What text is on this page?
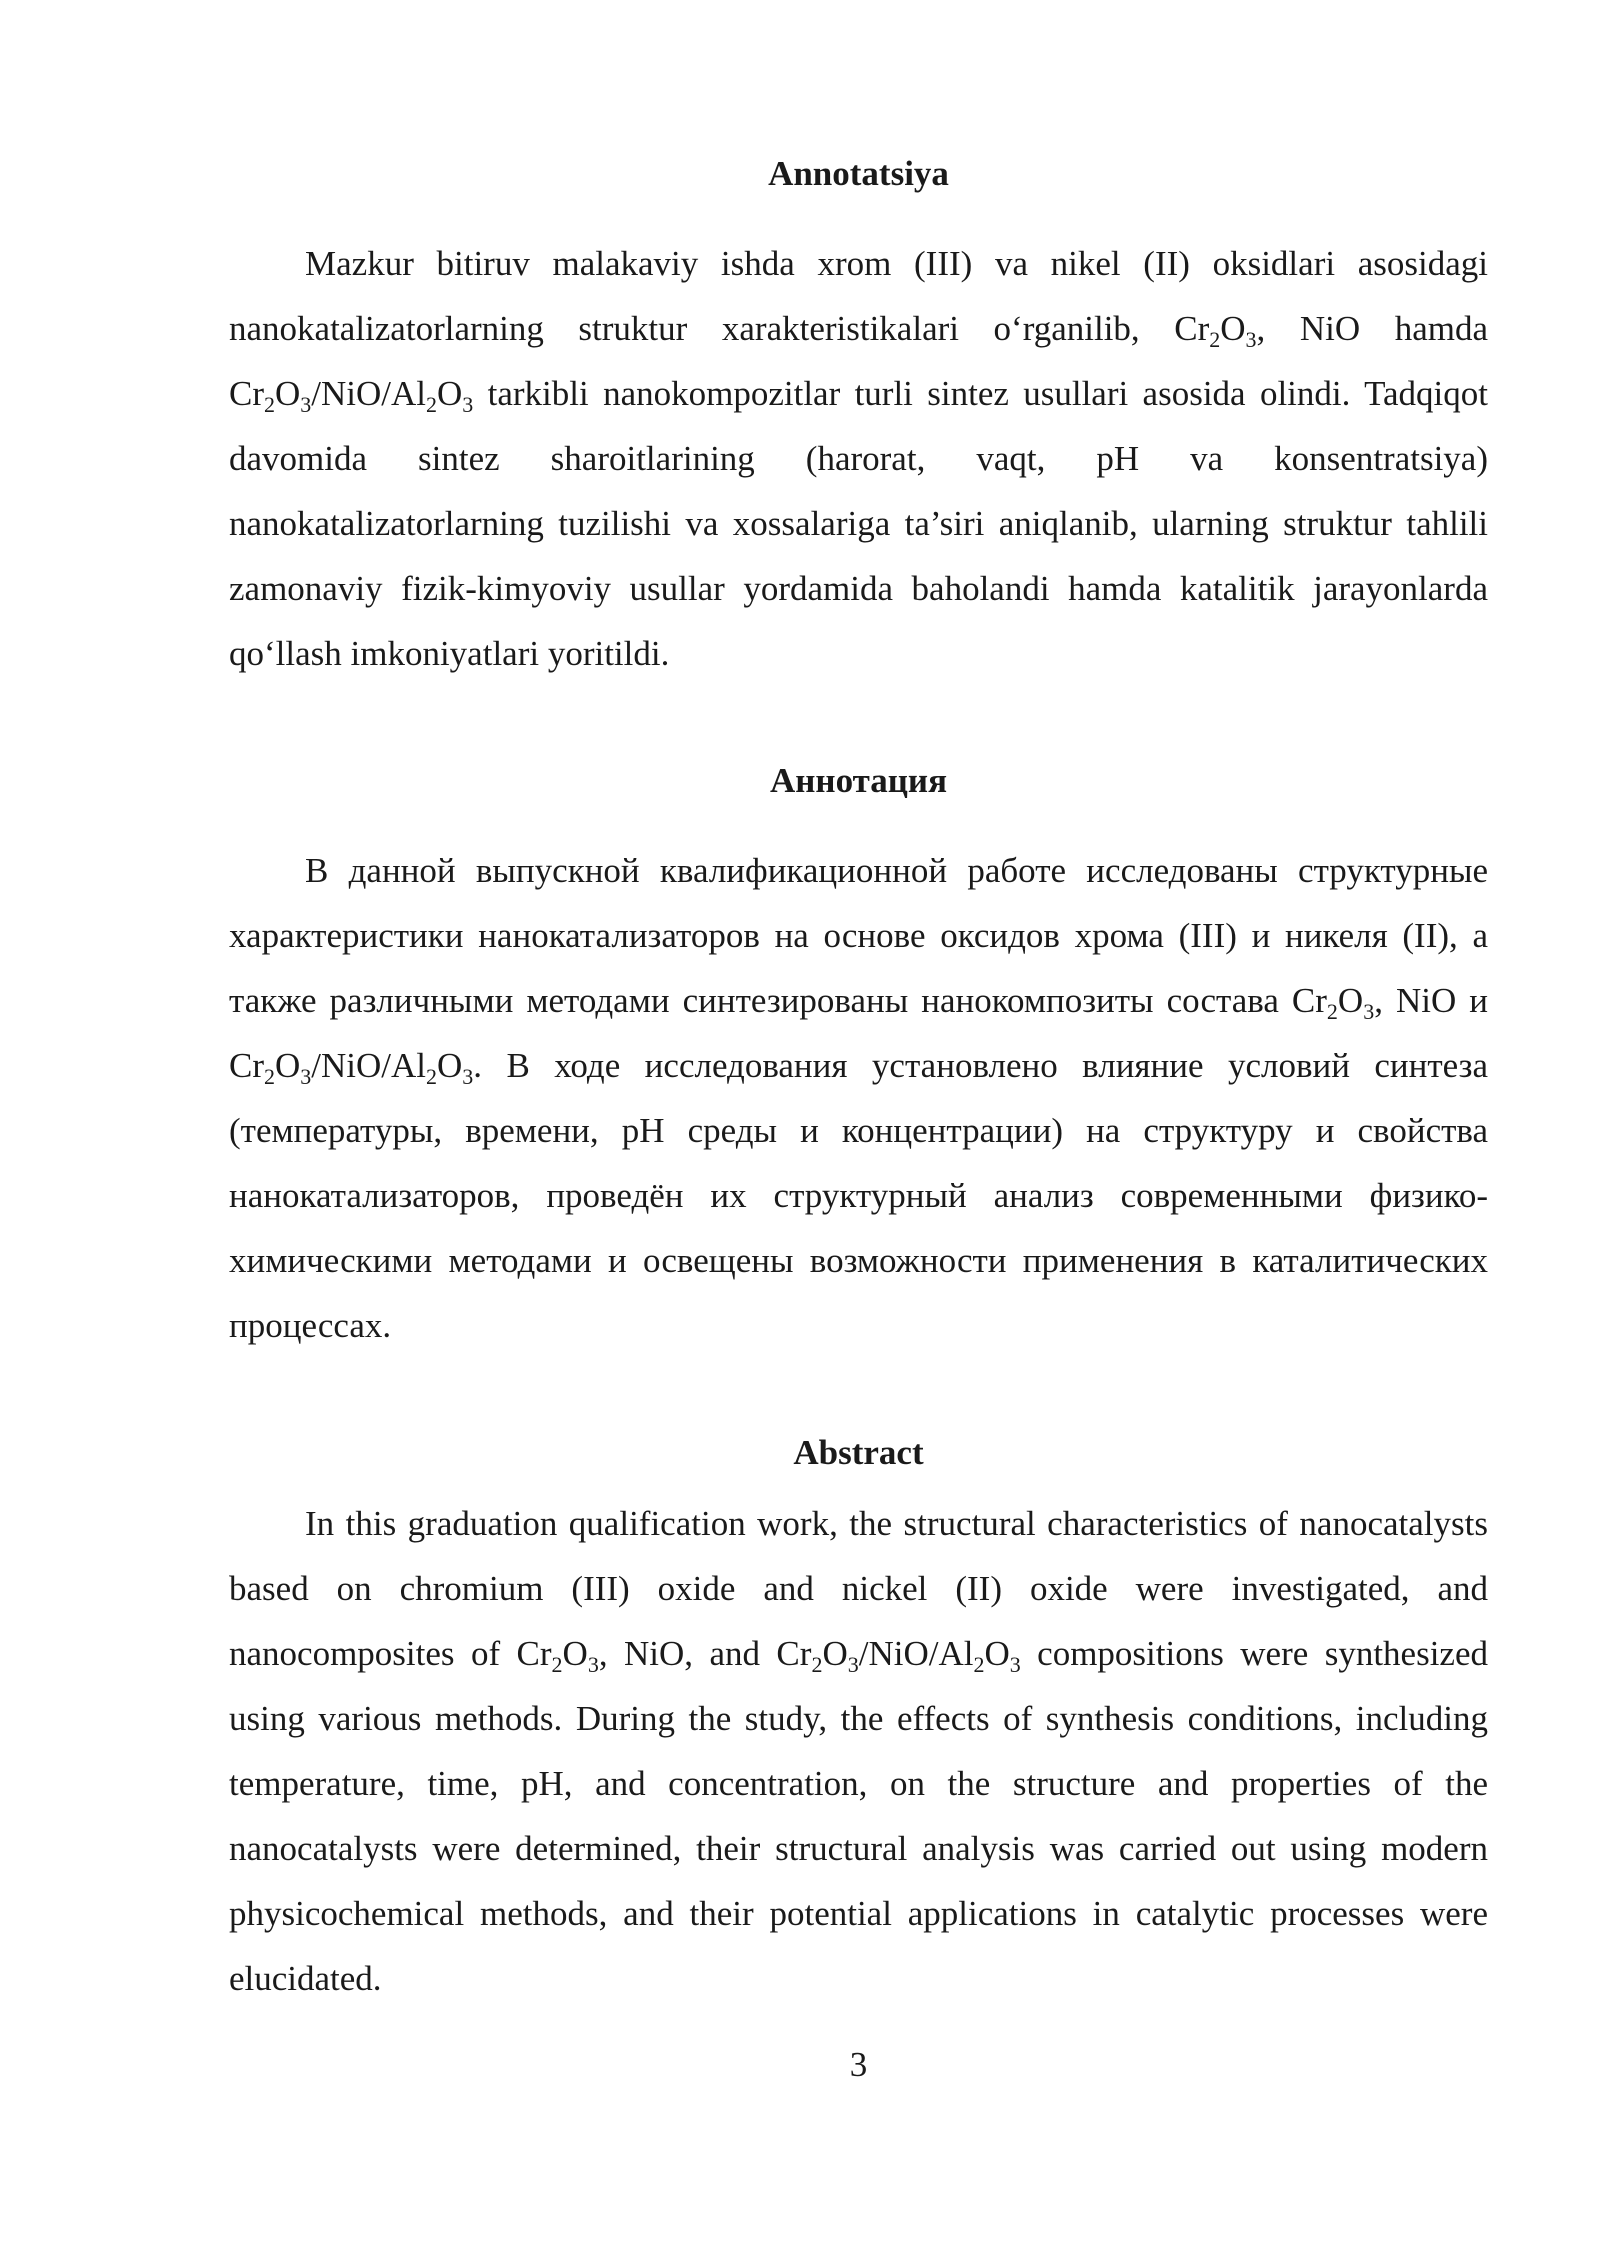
Annotatsiya

Mazkur bitiruv malakaviy ishda xrom (III) va nikel (II) oksidlari asosidagi nanokatalizatorlarning struktur xarakteristikalari o‘rganilib, $Cr_2O_3$, NiO hamda $Cr_2O_3/NiO/Al_2O_3$ tarkibli nanokompozitlar turli sintez usullari asosida olindi. Tadqiqot davomida sintez sharoitlarining (harorat, vaqt, pH va konsentratsiya) nanokatalizatorlarning tuzilishi va xossalariga ta’siri aniqlanib, ularning struktur tahlili zamonaviy fizik-kimyoviy usullar yordamida baholandi hamda katalitik jarayonlarda qo‘llash imkoniyatlari yoritildi.

Аннотация

В данной выпускной квалификационной работе исследованы структурные характеристики нанокатализаторов на основе оксидов хрома (III) и никеля (II), а также различными методами синтезированы нанокомпозиты состава $Cr_2O_3$, NiO и $Cr_2O_3/NiO/Al_2O_3$. В ходе исследования установлено влияние условий синтеза (температуры, времени, pH среды и концентрации) на структуру и свойства нанокатализаторов, проведён их структурный анализ современными физико-химическими методами и освещены возможности применения в каталитических процессах.

Abstract

In this graduation qualification work, the structural characteristics of nanocatalysts based on chromium (III) oxide and nickel (II) oxide were investigated, and nanocomposites of $Cr_2O_3$, NiO, and $Cr_2O_3/NiO/Al_2O_3$ compositions were synthesized using various methods. During the study, the effects of synthesis conditions, including temperature, time, pH, and concentration, on the structure and properties of the nanocatalysts were determined, their structural analysis was carried out using modern physicochemical methods, and their potential applications in catalytic processes were elucidated.

3
